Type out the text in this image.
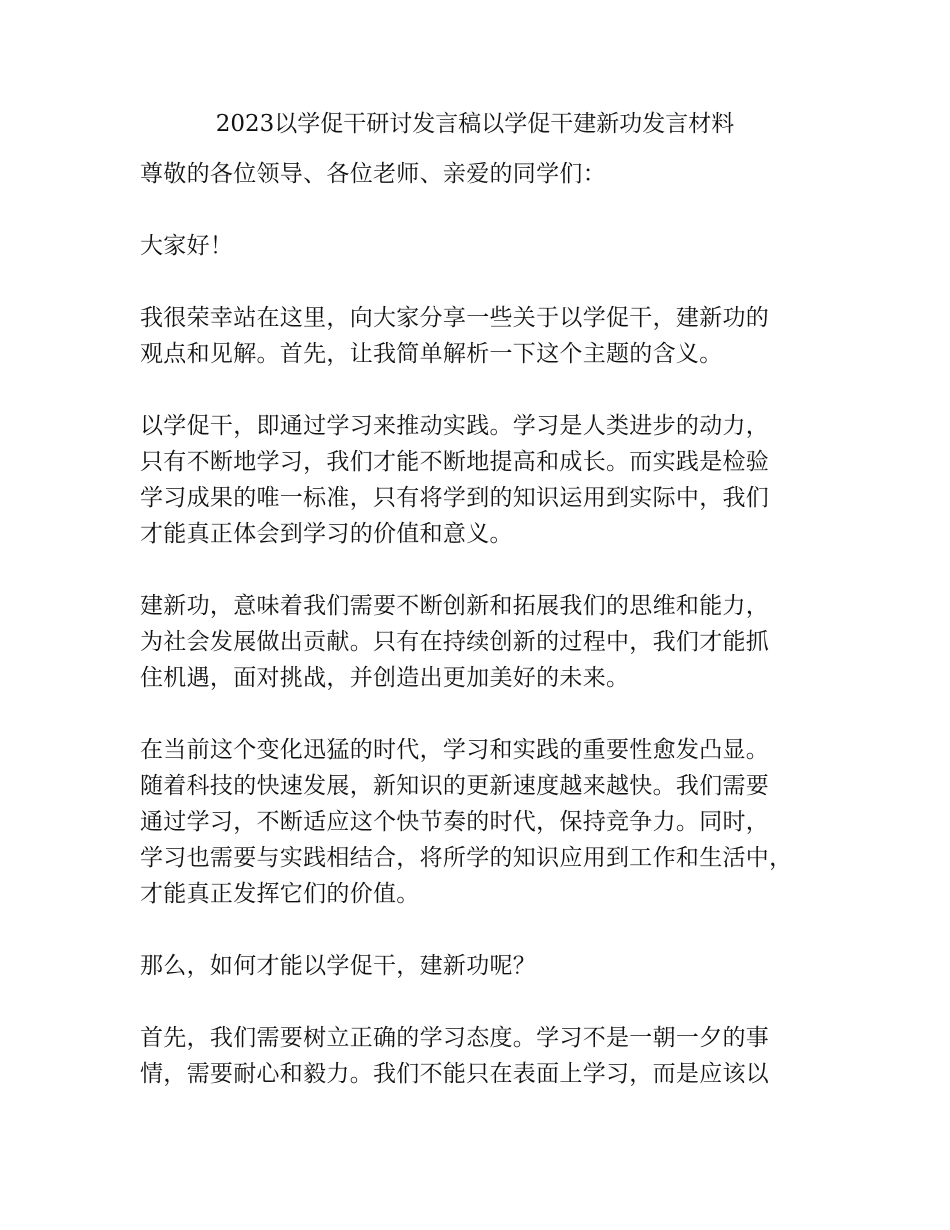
2023以学促干研讨发言稿以学促干建新功发言材料

尊敬的各位领导、各位老师、亲爱的同学们：

大家好！

我很荣幸站在这里，向大家分享一些关于以学促干，建新功的
观点和见解。首先，让我简单解析一下这个主题的含义。

以学促干，即通过学习来推动实践。学习是人类进步的动力，
只有不断地学习，我们才能不断地提高和成长。而实践是检验
学习成果的唯一标准，只有将学到的知识运用到实际中，我们
才能真正体会到学习的价值和意义。

建新功，意味着我们需要不断创新和拓展我们的思维和能力，
为社会发展做出贡献。只有在持续创新的过程中，我们才能抓
住机遇，面对挑战，并创造出更加美好的未来。

在当前这个变化迅猛的时代，学习和实践的重要性愈发凸显。
随着科技的快速发展，新知识的更新速度越来越快。我们需要
通过学习，不断适应这个快节奏的时代，保持竞争力。同时，
学习也需要与实践相结合，将所学的知识应用到工作和生活中，
才能真正发挥它们的价值。

那么，如何才能以学促干，建新功呢？

首先，我们需要树立正确的学习态度。学习不是一朝一夕的事
情，需要耐心和毅力。我们不能只在表面上学习，而是应该以
